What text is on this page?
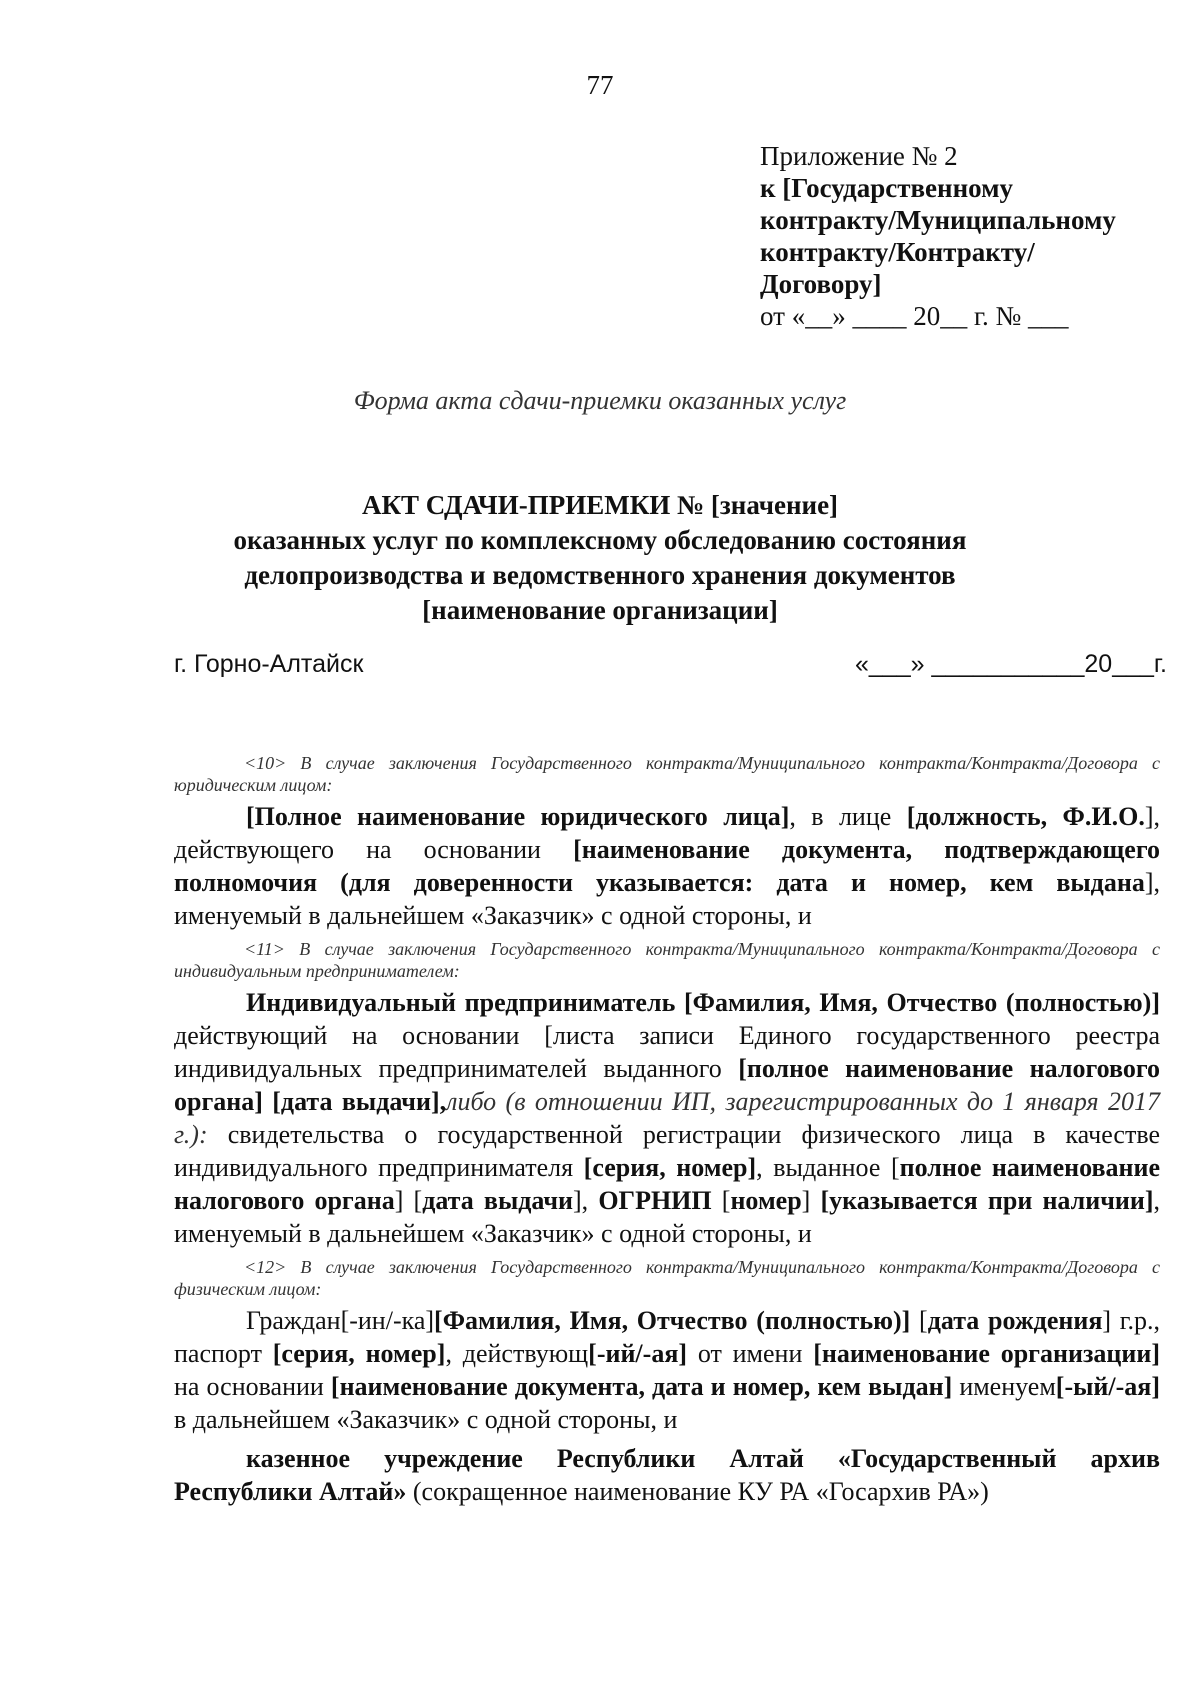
77
Приложение № 2
к [Государственному
контракту/Муниципальному
контракту/Контракту/
Договору]
от «__» ____ 20__ г. № ___
Форма акта сдачи-приемки оказанных услуг
АКТ СДАЧИ-ПРИЕМКИ № [значение]
оказанных услуг по комплексному обследованию состояния
делопроизводства и ведомственного хранения документов
[наименование организации]
г. Горно-Алтайск	«___» ___________20___г.

<10> В случае заключения Государственного контракта/Муниципального контракта/Контракта/Договора с юридическим лицом:

[Полное наименование юридического лица], в лице [должность, Ф.И.О.], действующего на основании [наименование документа, подтверждающего полномочия (для доверенности указывается: дата и номер, кем выдана], именуемый в дальнейшем «Заказчик» с одной стороны, и

<11> В случае заключения Государственного контракта/Муниципального контракта/Контракта/Договора с индивидуальным предпринимателем:

Индивидуальный предприниматель [Фамилия, Имя, Отчество (полностью)] действующий на основании [листа записи Единого государственного реестра индивидуальных предпринимателей выданного [полное наименование налогового органа] [дата выдачи],либо (в отношении ИП, зарегистрированных до 1 января 2017 г.): свидетельства о государственной регистрации физического лица в качестве индивидуального предпринимателя [серия, номер], выданное [полное наименование налогового органа] [дата выдачи], ОГРНИП [номер] [указывается при наличии], именуемый в дальнейшем «Заказчик» с одной стороны, и

<12> В случае заключения Государственного контракта/Муниципального контракта/Контракта/Договора с физическим лицом:

Граждан[-ин/-ка][Фамилия, Имя, Отчество (полностью)] [дата рождения] г.р., паспорт [серия, номер], действующ[-ий/-ая] от имени [наименование организации] на основании [наименование документа, дата и номер, кем выдан] именуем[-ый/-ая] в дальнейшем «Заказчик» с одной стороны, и

казенное учреждение Республики Алтай «Государственный архив Республики Алтай» (сокращенное наименование КУ РА «Госархив РА»)
